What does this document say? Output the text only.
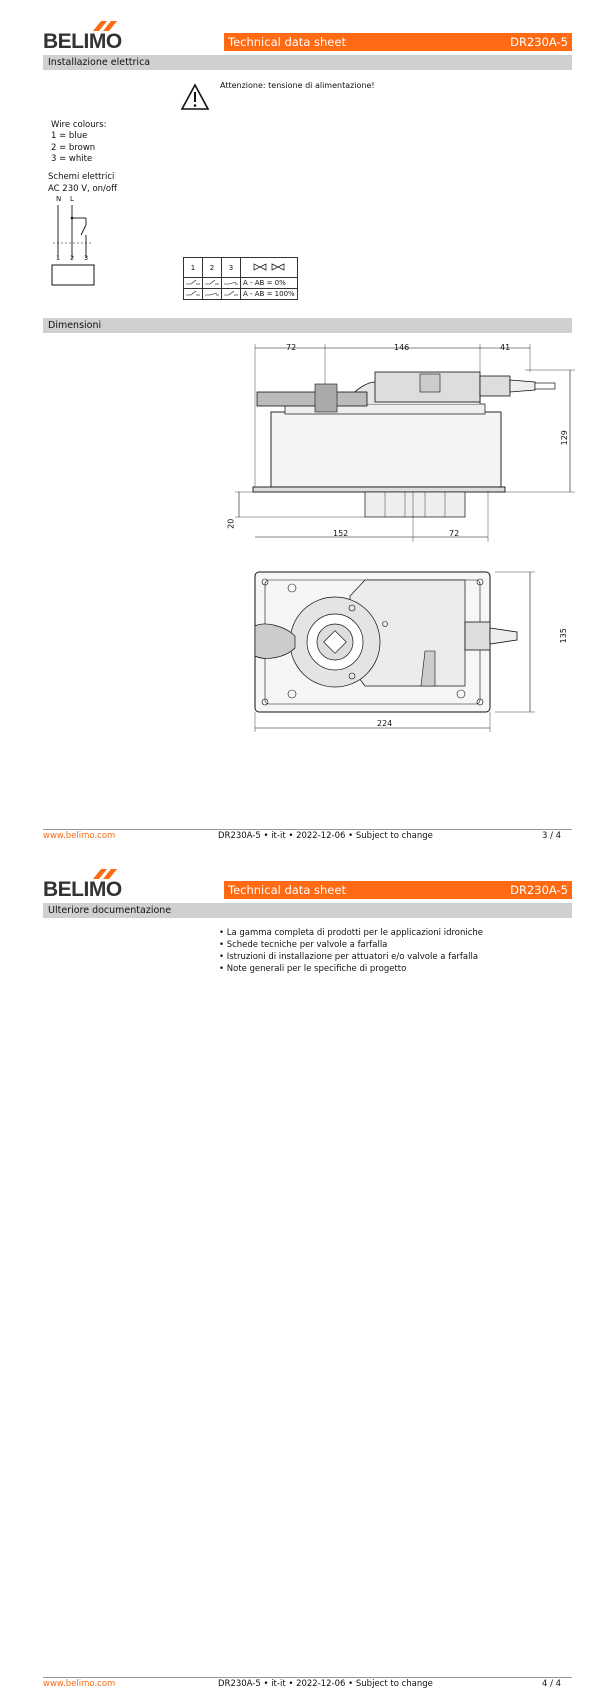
BELIMO	Technical data sheet	DR230A-5
Installazione elettrica
Attenzione: tensione di alimentazione!
Wire colours:
1 = blue
2 = brown
3 = white
Schemi elettrici
AC 230 V, on/off
N L
1 2 3
1	2	3	
			A - AB = 0%
			A - AB = 100%
Dimensioni
72	146	41
129
20
152	72
135
224
www.belimo.com	DR230A-5 • it-it • 2022-12-06 • Subject to change	3 / 4
BELIMO	Technical data sheet	DR230A-5
Ulteriore documentazione
• La gamma completa di prodotti per le applicazioni idroniche
• Schede tecniche per valvole a farfalla
• Istruzioni di installazione per attuatori e/o valvole a farfalla
• Note generali per le specifiche di progetto
www.belimo.com	DR230A-5 • it-it • 2022-12-06 • Subject to change	4 / 4
